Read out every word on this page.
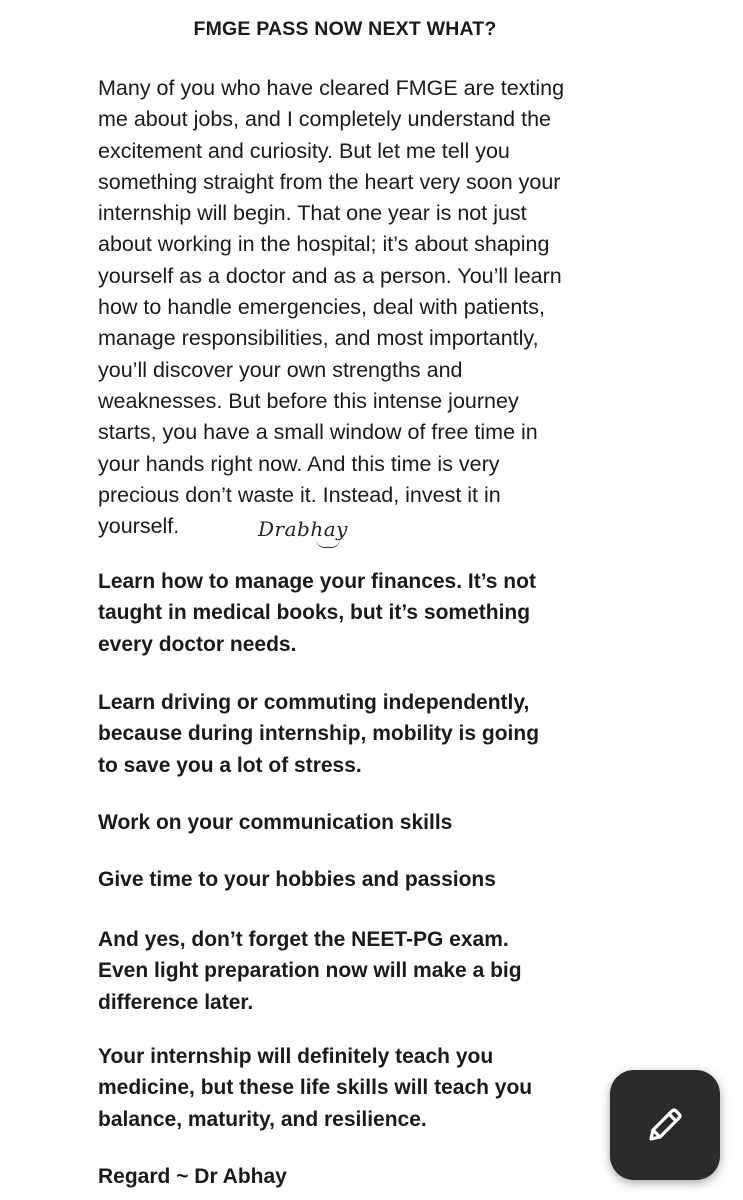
FMGE PASS NOW NEXT WHAT?

Many of you who have cleared FMGE are texting
me about jobs, and I completely understand the
excitement and curiosity. But let me tell you
something straight from the heart very soon your
internship will begin. That one year is not just
about working in the hospital; it’s about shaping
yourself as a doctor and as a person. You’ll learn
how to handle emergencies, deal with patients,
manage responsibilities, and most importantly,
you’ll discover your own strengths and
weaknesses. But before this intense journey
starts, you have a small window of free time in
your hands right now. And this time is very
precious don’t waste it. Instead, invest it in
yourself.	Drabhay

Learn how to manage your finances. It’s not
taught in medical books, but it’s something
every doctor needs.

Learn driving or commuting independently,
because during internship, mobility is going
to save you a lot of stress.

Work on your communication skills

Give time to your hobbies and passions

And yes, don’t forget the NEET-PG exam.
Even light preparation now will make a big
difference later.

Your internship will definitely teach you
medicine, but these life skills will teach you
balance, maturity, and resilience.

Regard ~ Dr Abhay
